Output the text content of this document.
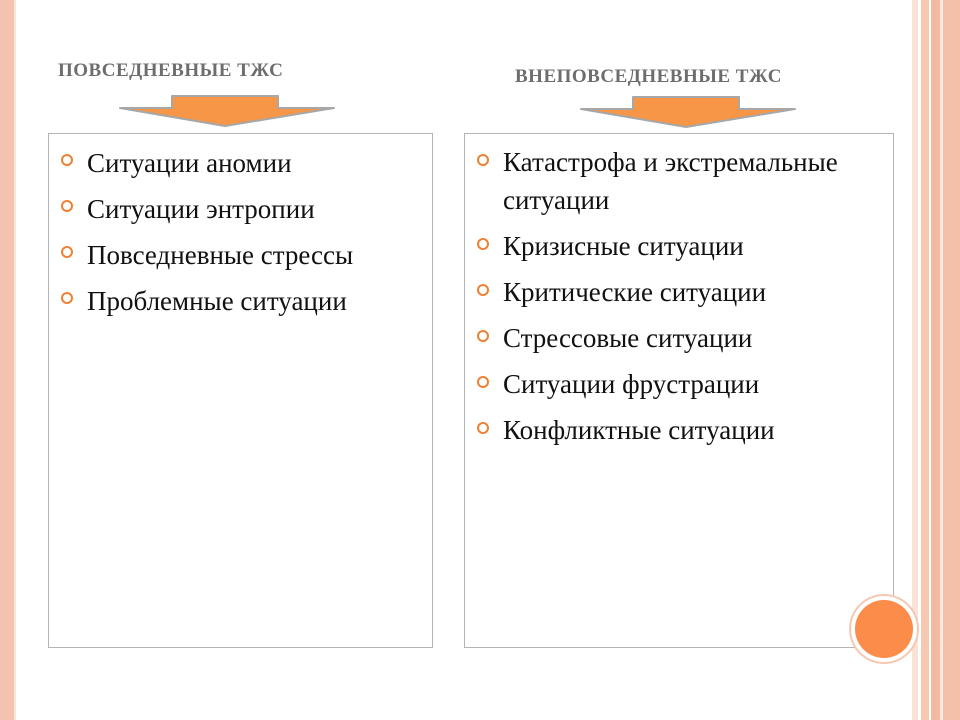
ПОВСЕДНЕВНЫЕ ТЖС	ВНЕПОВСЕДНЕВНЫЕ ТЖС
Ситуации аномии
Ситуации энтропии
Повседневные стрессы
Проблемные ситуации
Катастрофа и экстремальные ситуации
Кризисные ситуации
Критические ситуации
Стрессовые ситуации
Ситуации фрустрации
Конфликтные ситуации
